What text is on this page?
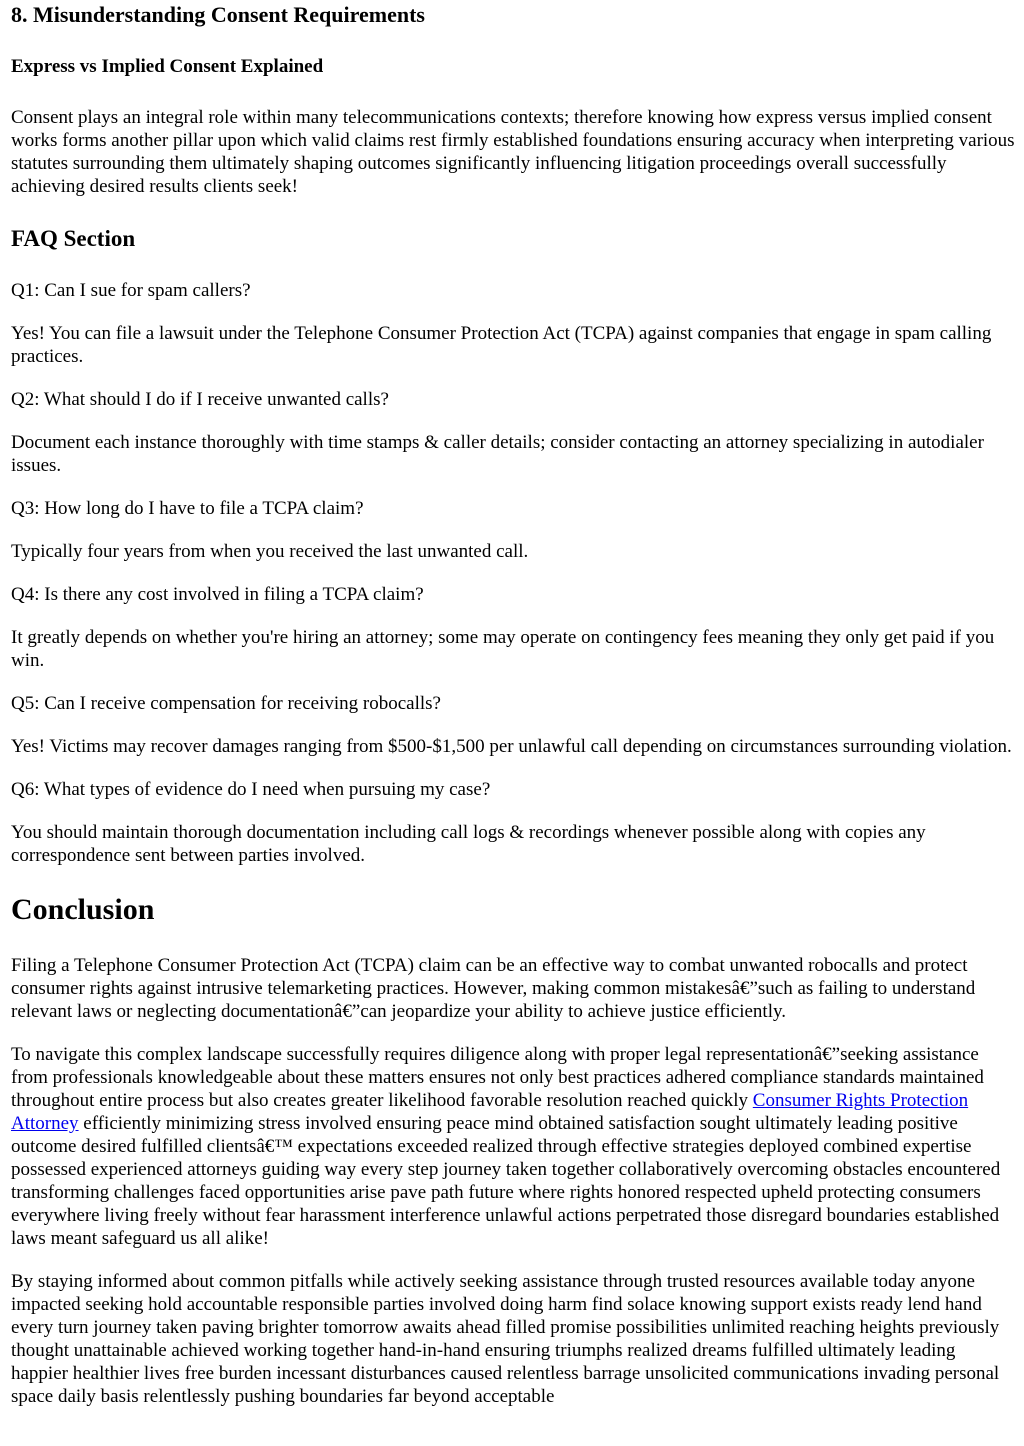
8. Misunderstanding Consent Requirements
Express vs Implied Consent Explained

Consent plays an integral role within many telecommunications contexts; therefore knowing how express versus implied consent works forms another pillar upon which valid claims rest firmly established foundations ensuring accuracy when interpreting various statutes surrounding them ultimately shaping outcomes significantly influencing litigation proceedings overall successfully achieving desired results clients seek!

FAQ Section

Q1: Can I sue for spam callers?

Yes! You can file a lawsuit under the Telephone Consumer Protection Act (TCPA) against companies that engage in spam calling practices.

Q2: What should I do if I receive unwanted calls?

Document each instance thoroughly with time stamps & caller details; consider contacting an attorney specializing in autodialer issues.

Q3: How long do I have to file a TCPA claim?

Typically four years from when you received the last unwanted call.

Q4: Is there any cost involved in filing a TCPA claim?

It greatly depends on whether you're hiring an attorney; some may operate on contingency fees meaning they only get paid if you win.

Q5: Can I receive compensation for receiving robocalls?

Yes! Victims may recover damages ranging from $500-$1,500 per unlawful call depending on circumstances surrounding violation.

Q6: What types of evidence do I need when pursuing my case?

You should maintain thorough documentation including call logs & recordings whenever possible along with copies any correspondence sent between parties involved.

Conclusion

Filing a Telephone Consumer Protection Act (TCPA) claim can be an effective way to combat unwanted robocalls and protect consumer rights against intrusive telemarketing practices. However, making common mistakesâ€”such as failing to understand relevant laws or neglecting documentationâ€”can jeopardize your ability to achieve justice efficiently.

To navigate this complex landscape successfully requires diligence along with proper legal representationâ€”seeking assistance from professionals knowledgeable about these matters ensures not only best practices adhered compliance standards maintained throughout entire process but also creates greater likelihood favorable resolution reached quickly Consumer Rights Protection Attorney efficiently minimizing stress involved ensuring peace mind obtained satisfaction sought ultimately leading positive outcome desired fulfilled clientsâ€™ expectations exceeded realized through effective strategies deployed combined expertise possessed experienced attorneys guiding way every step journey taken together collaboratively overcoming obstacles encountered transforming challenges faced opportunities arise pave path future where rights honored respected upheld protecting consumers everywhere living freely without fear harassment interference unlawful actions perpetrated those disregard boundaries established laws meant safeguard us all alike!

By staying informed about common pitfalls while actively seeking assistance through trusted resources available today anyone impacted seeking hold accountable responsible parties involved doing harm find solace knowing support exists ready lend hand every turn journey taken paving brighter tomorrow awaits ahead filled promise possibilities unlimited reaching heights previously thought unattainable achieved working together hand-in-hand ensuring triumphs realized dreams fulfilled ultimately leading happier healthier lives free burden incessant disturbances caused relentless barrage unsolicited communications invading personal space daily basis relentlessly pushing boundaries far beyond acceptable
